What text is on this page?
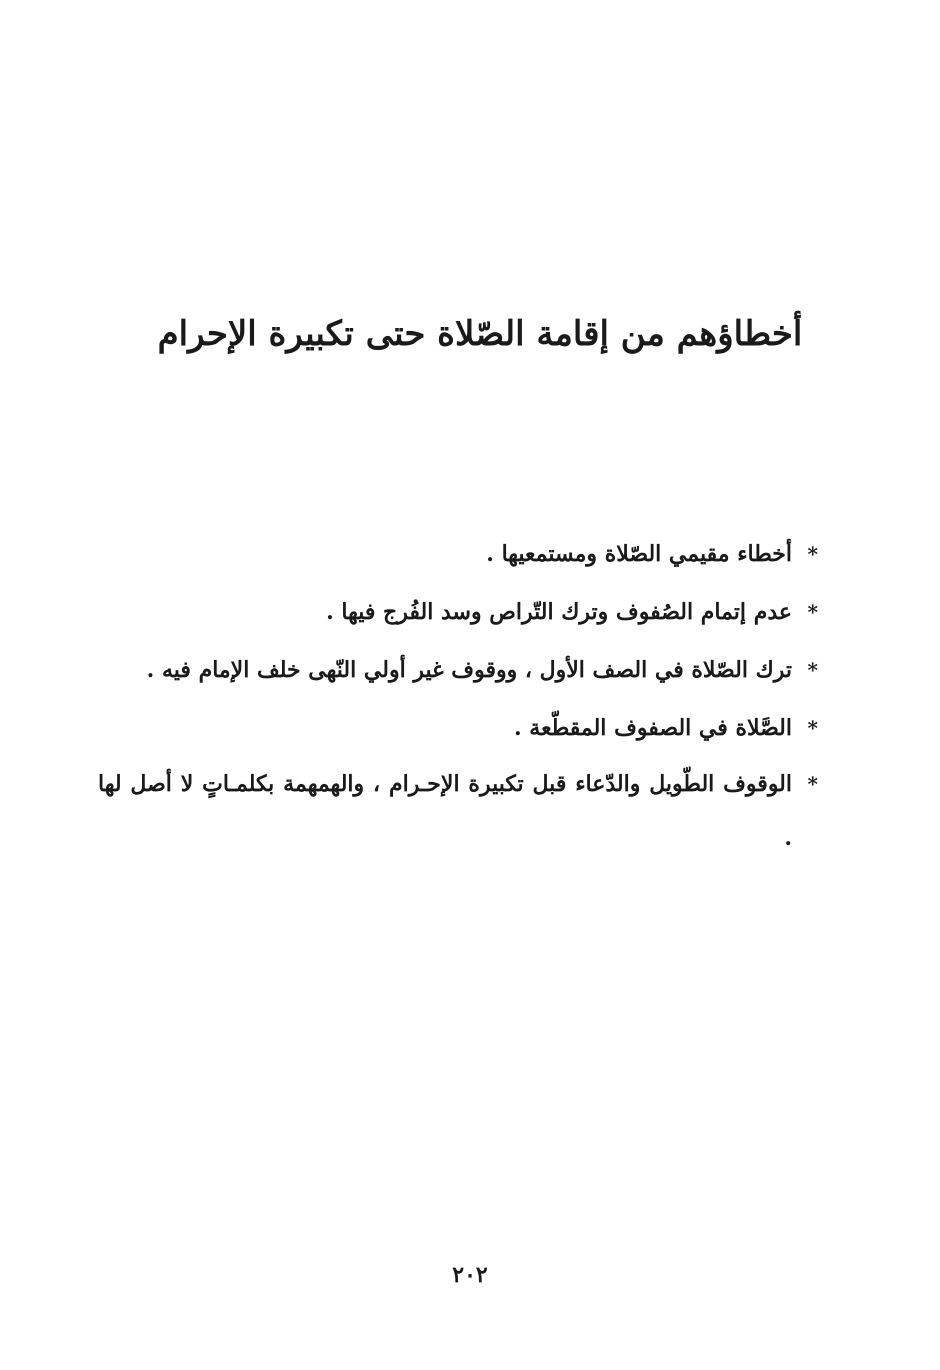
أخطاؤهم من إقامة الصّلاة حتى تكبيرة الإحرام
*
أخطاء مقيمي الصّلاة ومستمعيها .
*
عدم إتمام الصُفوف وترك التّراص وسد الفُرج فيها .
*
ترك الصّلاة في الصف الأول ، ووقوف غير أولي النّهى خلف الإمام فيه .
*
الصَّلاة في الصفوف المقطّعة .
*
الوقوف الطّويل والدّعاء قبل تكبيرة الإحـرام ، والهمهمة بكلمـاتٍ لا أصل لها .
٢٠٢
